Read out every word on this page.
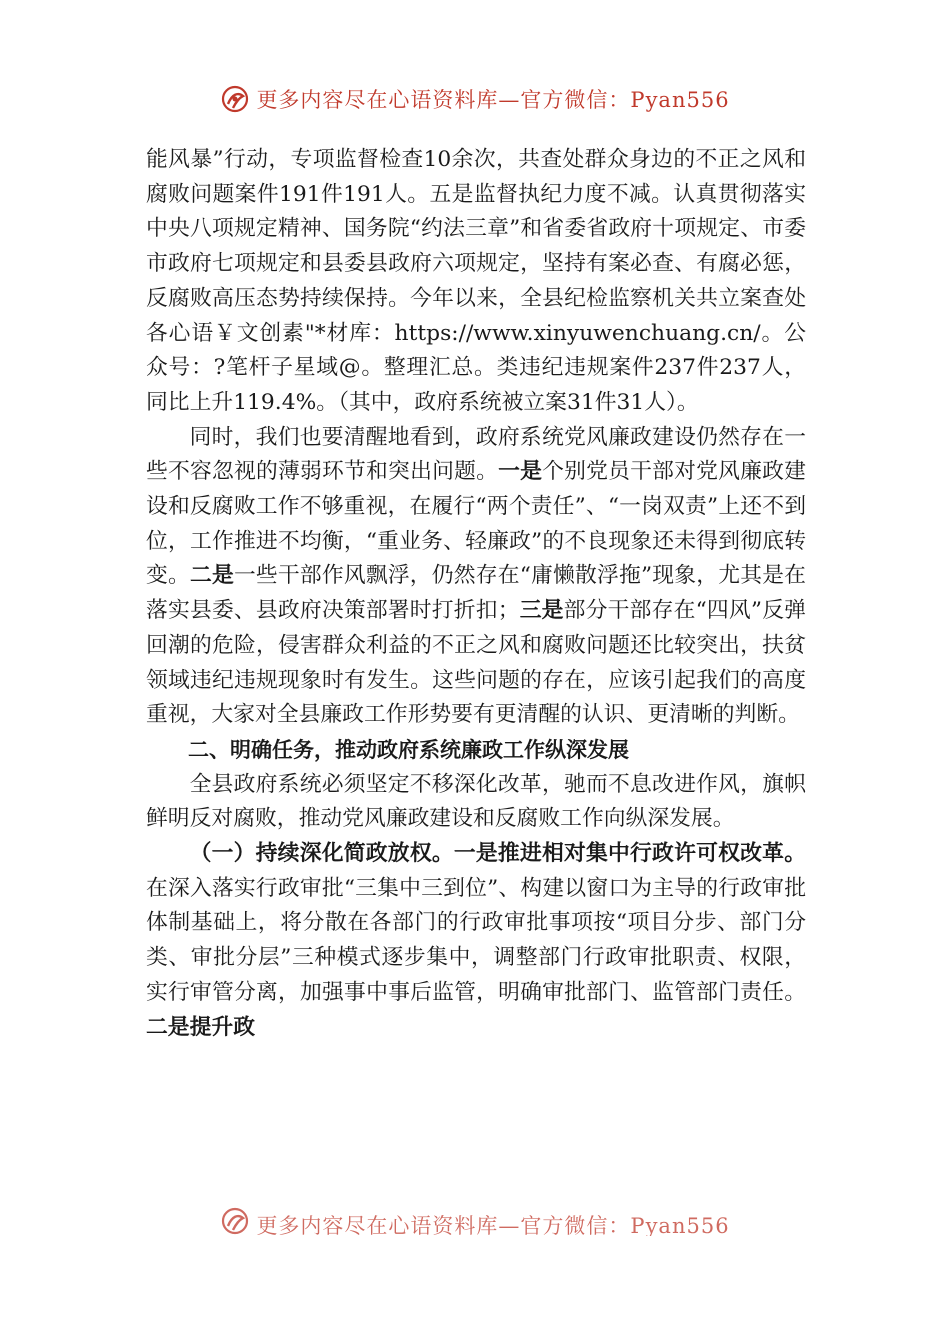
更多内容尽在心语资料库—官方微信：Pyan556

能风暴”行动，专项监督检查10余次，共查处群众身边的不正之风和腐败问题案件191件191人。五是监督执纪力度不减。认真贯彻落实中央八项规定精神、国务院“约法三章”和省委省政府十项规定、市委市政府七项规定和县委县政府六项规定，坚持有案必查、有腐必惩，反腐败高压态势持续保持。今年以来，全县纪检监察机关共立案查处各心语￥文创素"*材库：https://www.xinyuwenchuang.cn/。公众号：?笔杆子星域@。整理汇总。类违纪违规案件237件237人，同比上升119.4%。（其中，政府系统被立案31件31人）。

同时，我们也要清醒地看到，政府系统党风廉政建设仍然存在一些不容忽视的薄弱环节和突出问题。一是个别党员干部对党风廉政建设和反腐败工作不够重视，在履行“两个责任”、“一岗双责”上还不到位，工作推进不均衡，“重业务、轻廉政”的不良现象还未得到彻底转变。二是一些干部作风飘浮，仍然存在“庸懒散浮拖”现象，尤其是在落实县委、县政府决策部署时打折扣；三是部分干部存在“四风”反弹回潮的危险，侵害群众利益的不正之风和腐败问题还比较突出，扶贫领域违纪违规现象时有发生。这些问题的存在，应该引起我们的高度重视，大家对全县廉政工作形势要有更清醒的认识、更清晰的判断。

二、明确任务，推动政府系统廉政工作纵深发展

全县政府系统必须坚定不移深化改革，驰而不息改进作风，旗帜鲜明反对腐败，推动党风廉政建设和反腐败工作向纵深发展。

（一）持续深化简政放权。一是推进相对集中行政许可权改革。在深入落实行政审批“三集中三到位”、构建以窗口为主导的行政审批体制基础上，将分散在各部门的行政审批事项按“项目分步、部门分类、审批分层”三种模式逐步集中，调整部门行政审批职责、权限，实行审管分离，加强事中事后监管，明确审批部门、监管部门责任。二是提升政

更多内容尽在心语资料库—官方微信：Pyan556
